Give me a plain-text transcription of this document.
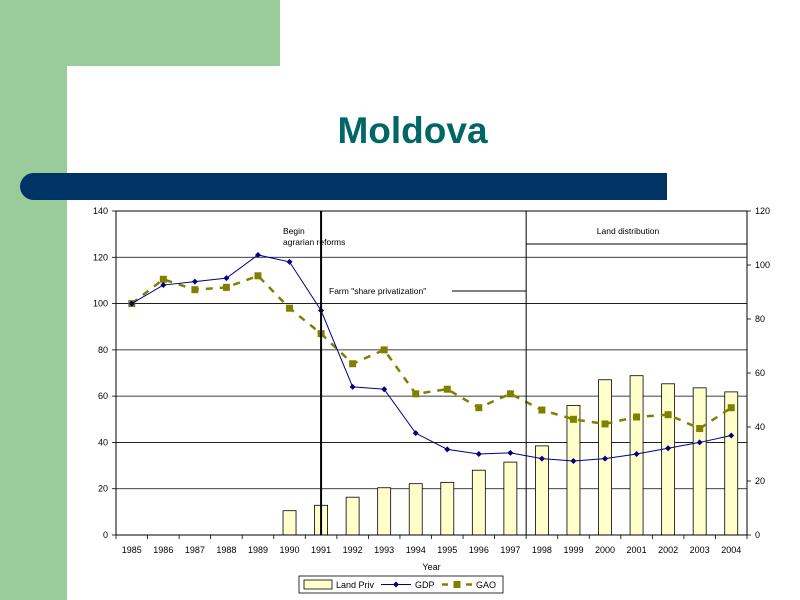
Moldova
0
20
40
60
80
100
120
140
0
20
40
60
80
100
120
1985 1986 1987 1988 1989 1990 1991 1992 1993 1994 1995 1996 1997 1998 1999 2000 2001 2002 2003 2004
Year
Begin
agrarian reforms
Farm "share privatization"
Land distribution
Land Priv	GDP	GAO
